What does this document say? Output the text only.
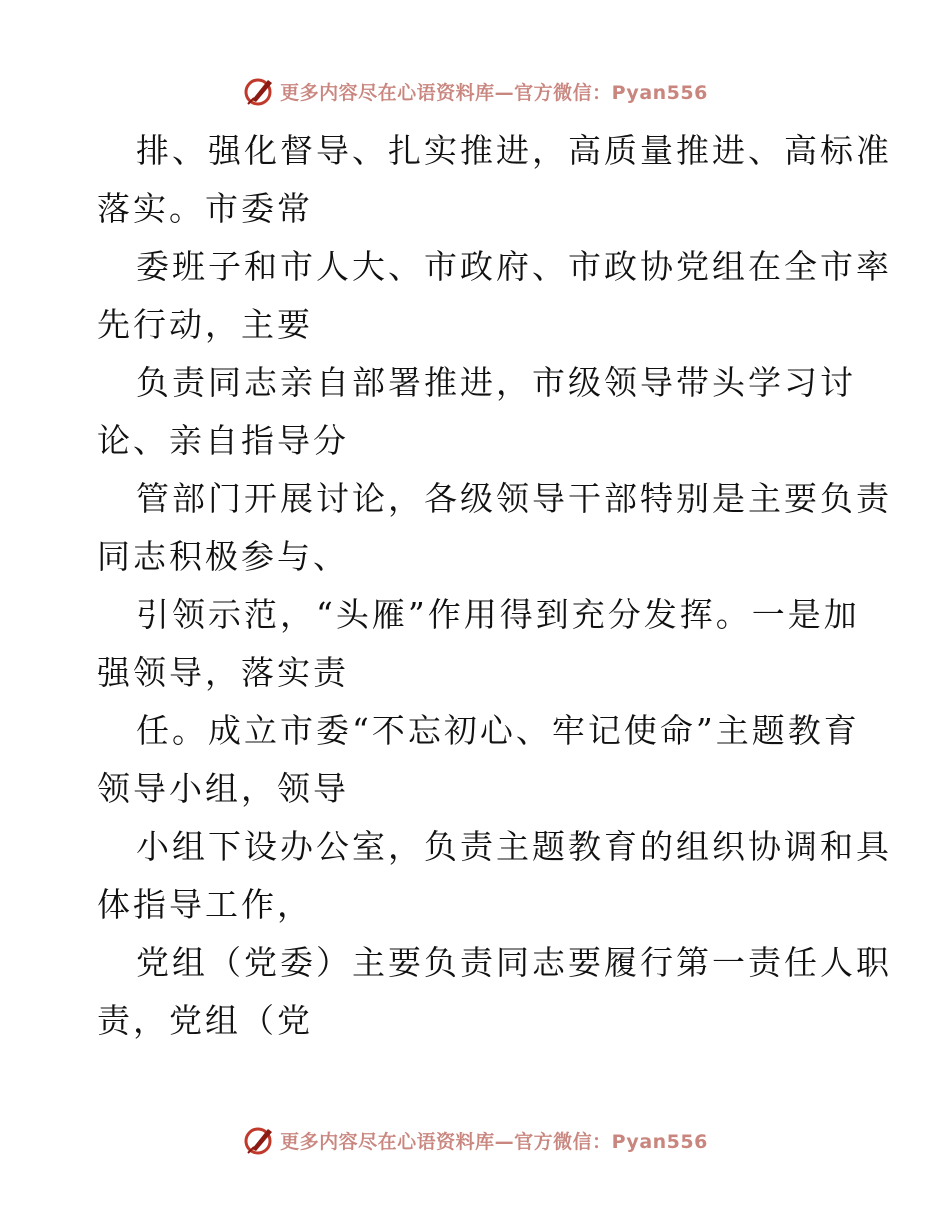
更多内容尽在心语资料库—官方微信：Pyan556

排、强化督导、扎实推进，高质量推进、高标准
落实。市委常

委班子和市人大、市政府、市政协党组在全市率
先行动，主要

负责同志亲自部署推进，市级领导带头学习讨
论、亲自指导分

管部门开展讨论，各级领导干部特别是主要负责
同志积极参与、

引领示范，“头雁”作用得到充分发挥。一是加
强领导，落实责

任。成立市委“不忘初心、牢记使命”主题教育
领导小组，领导

小组下设办公室，负责主题教育的组织协调和具
体指导工作，

党组（党委）主要负责同志要履行第一责任人职
责，党组（党

更多内容尽在心语资料库—官方微信：Pyan556
